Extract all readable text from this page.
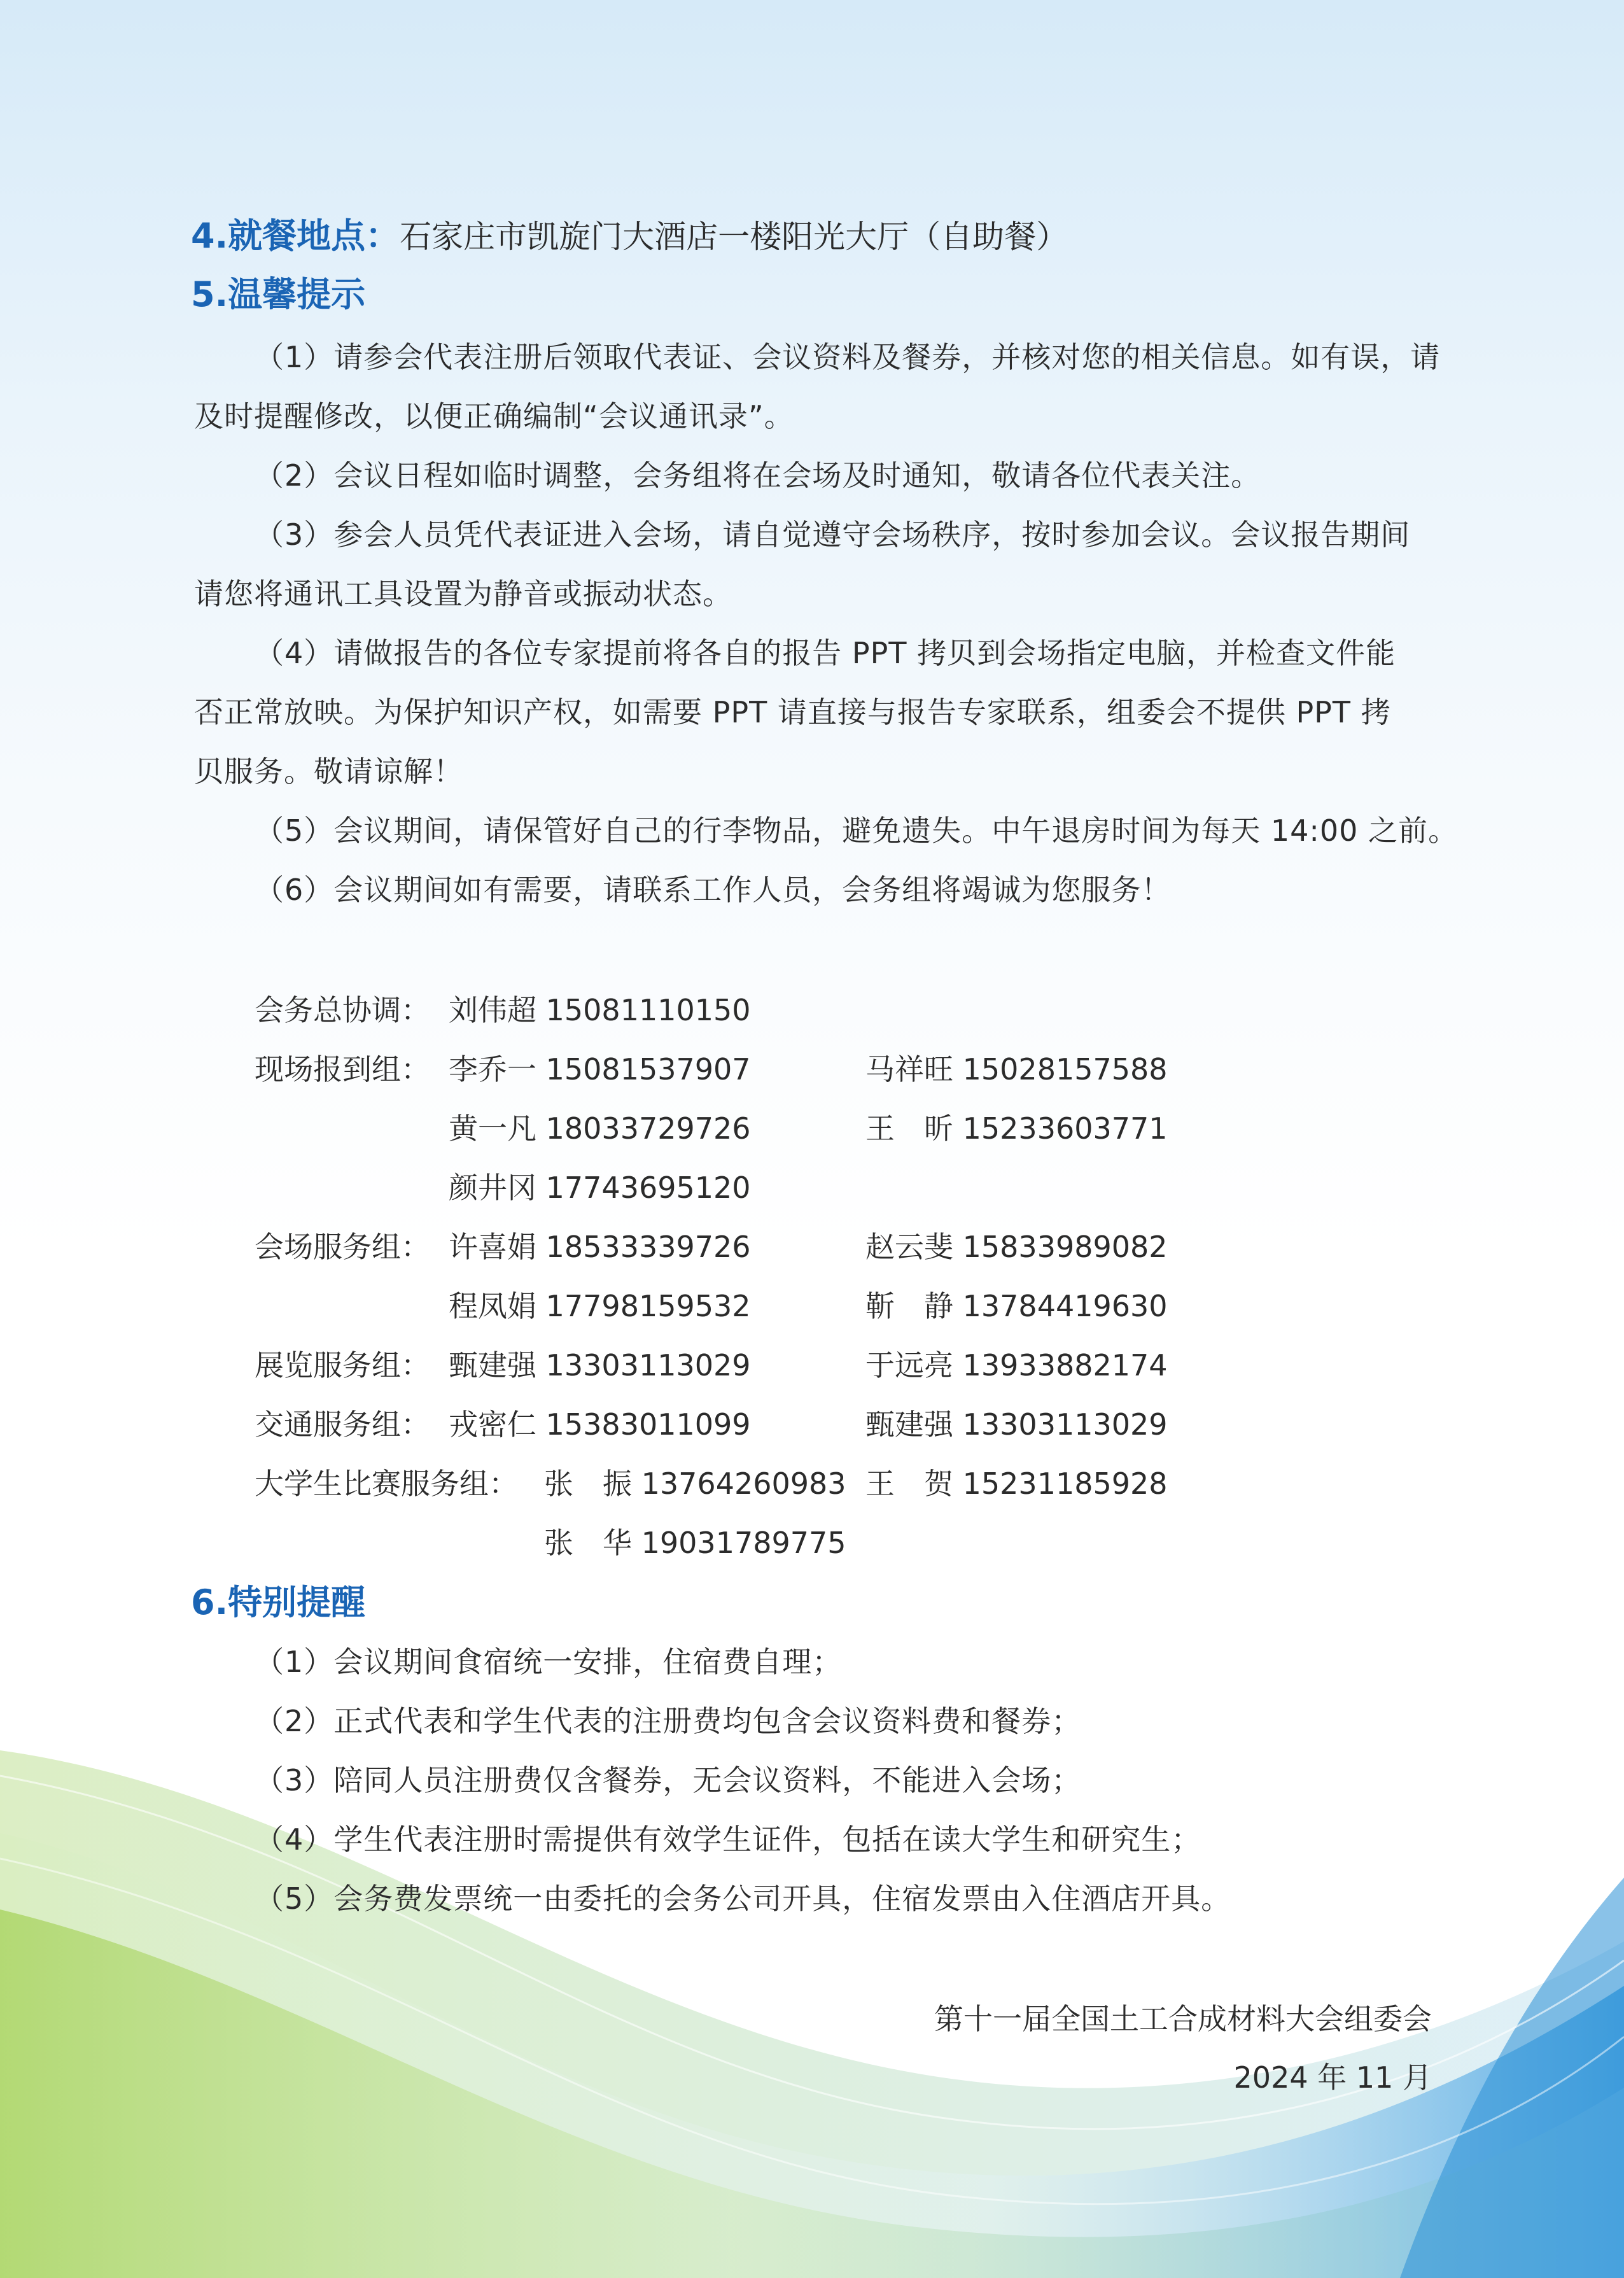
4.就餐地点：石家庄市凯旋门大酒店一楼阳光大厅（自助餐）
5.温馨提示
（1）请参会代表注册后领取代表证、会议资料及餐券，并核对您的相关信息。如有误，请
及时提醒修改，以便正确编制“会议通讯录”。
（2）会议日程如临时调整，会务组将在会场及时通知，敬请各位代表关注。
（3）参会人员凭代表证进入会场，请自觉遵守会场秩序，按时参加会议。会议报告期间
请您将通讯工具设置为静音或振动状态。
（4）请做报告的各位专家提前将各自的报告 PPT 拷贝到会场指定电脑，并检查文件能
否正常放映。为保护知识产权，如需要 PPT 请直接与报告专家联系，组委会不提供 PPT 拷
贝服务。敬请谅解！
（5）会议期间，请保管好自己的行李物品，避免遗失。中午退房时间为每天 14:00 之前。
（6）会议期间如有需要，请联系工作人员，会务组将竭诚为您服务！
会务总协调： 刘伟超 15081110150
现场报到组： 李乔一 15081537907	马祥旺 15028157588
黄一凡 18033729726	王　昕 15233603771
颜井冈 17743695120
会场服务组： 许喜娟 18533339726	赵云斐 15833989082
程凤娟 17798159532	靳　静 13784419630
展览服务组： 甄建强 13303113029	于远亮 13933882174
交通服务组： 戎密仁 15383011099	甄建强 13303113029
大学生比赛服务组： 张　振 13764260983 王　贺 15231185928
张　华 19031789775
6.特别提醒
（1）会议期间食宿统一安排，住宿费自理；
（2）正式代表和学生代表的注册费均包含会议资料费和餐券；
（3）陪同人员注册费仅含餐券，无会议资料，不能进入会场；
（4）学生代表注册时需提供有效学生证件，包括在读大学生和研究生；
（5）会务费发票统一由委托的会务公司开具，住宿发票由入住酒店开具。
第十一届全国土工合成材料大会组委会
2024 年 11 月
